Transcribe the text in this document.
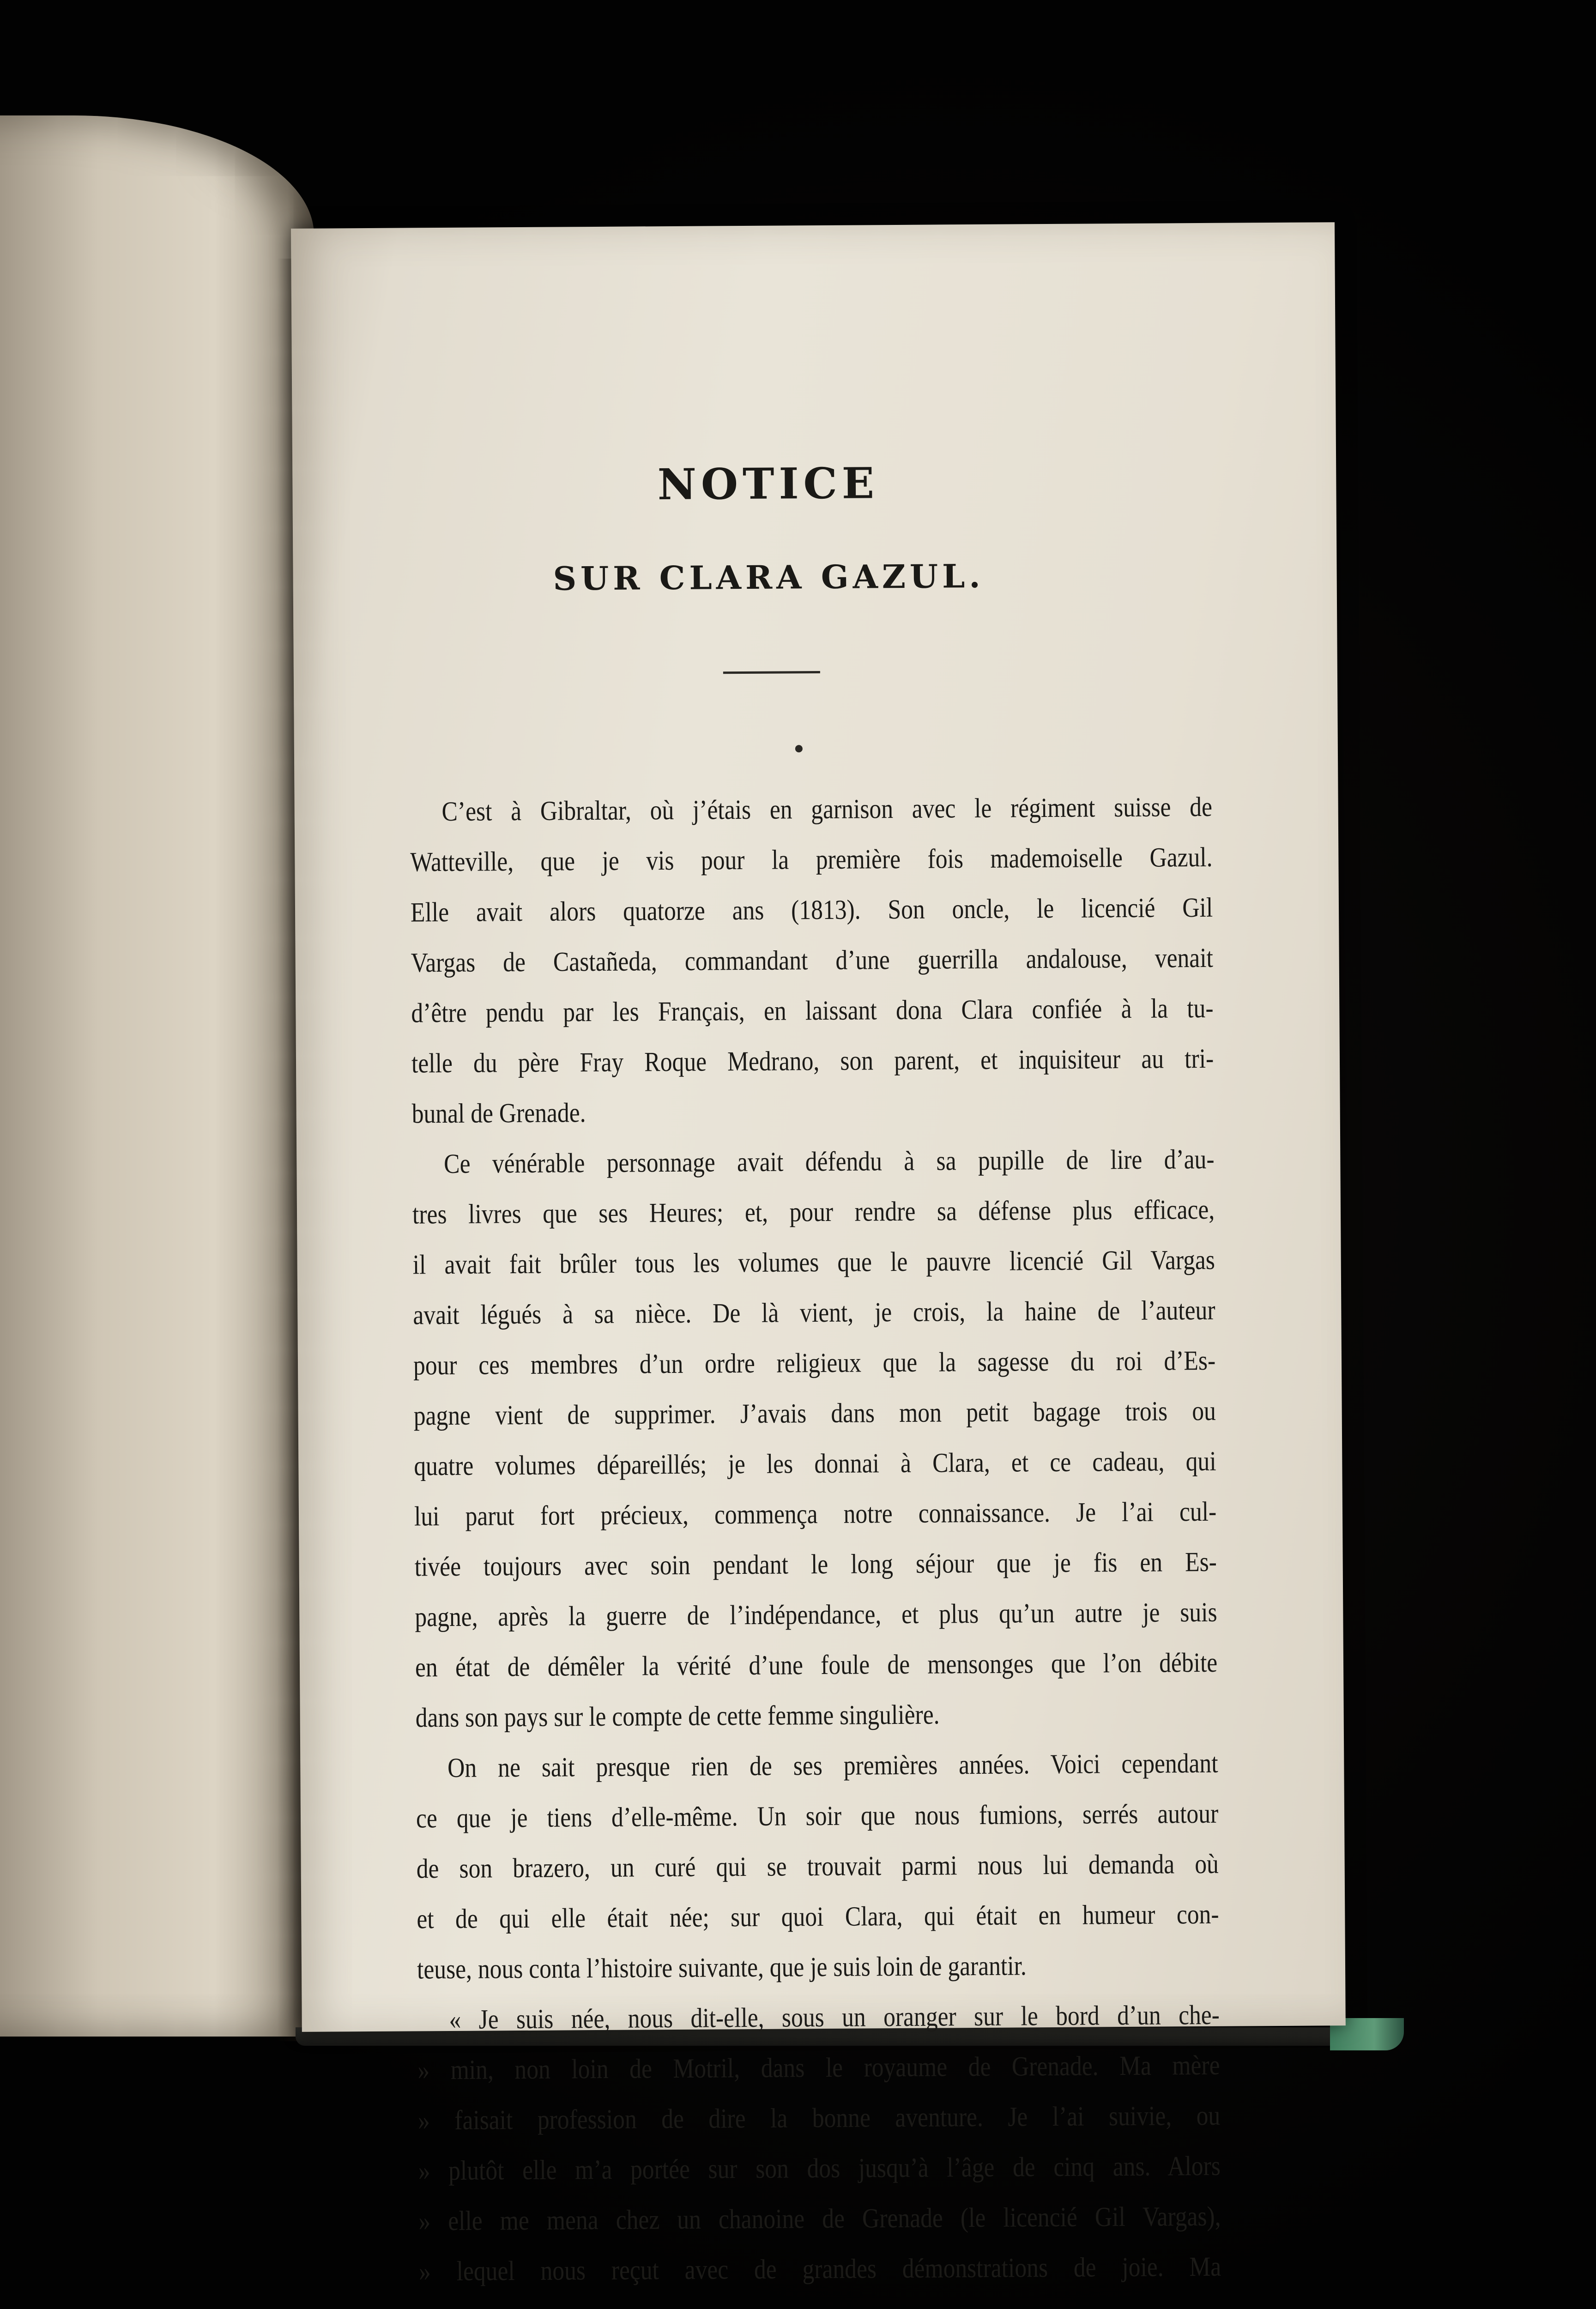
NOTICE
SUR CLARA GAZUL.
C’est à Gibraltar, où j’étais en garnison avec le régiment suisse de
Watteville, que je vis pour la première fois mademoiselle Gazul.
Elle avait alors quatorze ans (1813). Son oncle, le licencié Gil
Vargas de Castañeda, commandant d’une guerrilla andalouse, venait
d’être pendu par les Français, en laissant dona Clara confiée à la tu-
telle du père Fray Roque Medrano, son parent, et inquisiteur au tri-
bunal de Grenade.
Ce vénérable personnage avait défendu à sa pupille de lire d’au-
tres livres que ses Heures; et, pour rendre sa défense plus efficace,
il avait fait brûler tous les volumes que le pauvre licencié Gil Vargas
avait légués à sa nièce. De là vient, je crois, la haine de l’auteur
pour ces membres d’un ordre religieux que la sagesse du roi d’Es-
pagne vient de supprimer. J’avais dans mon petit bagage trois ou
quatre volumes dépareillés; je les donnai à Clara, et ce cadeau, qui
lui parut fort précieux, commença notre connaissance. Je l’ai cul-
tivée toujours avec soin pendant le long séjour que je fis en Es-
pagne, après la guerre de l’indépendance, et plus qu’un autre je suis
en état de démêler la vérité d’une foule de mensonges que l’on débite
dans son pays sur le compte de cette femme singulière.
On ne sait presque rien de ses premières années. Voici cependant
ce que je tiens d’elle-même. Un soir que nous fumions, serrés autour
de son brazero, un curé qui se trouvait parmi nous lui demanda où
et de qui elle était née; sur quoi Clara, qui était en humeur con-
teuse, nous conta l’histoire suivante, que je suis loin de garantir.
« Je suis née, nous dit-elle, sous un oranger sur le bord d’un che-
» min, non loin de Motril, dans le royaume de Grenade. Ma mère
» faisait profession de dire la bonne aventure. Je l’ai suivie, ou
» plutôt elle m’a portée sur son dos jusqu’à l’âge de cinq ans. Alors
» elle me mena chez un chanoine de Grenade (le licencié Gil Vargas),
» lequel nous reçut avec de grandes démonstrations de joie. Ma
